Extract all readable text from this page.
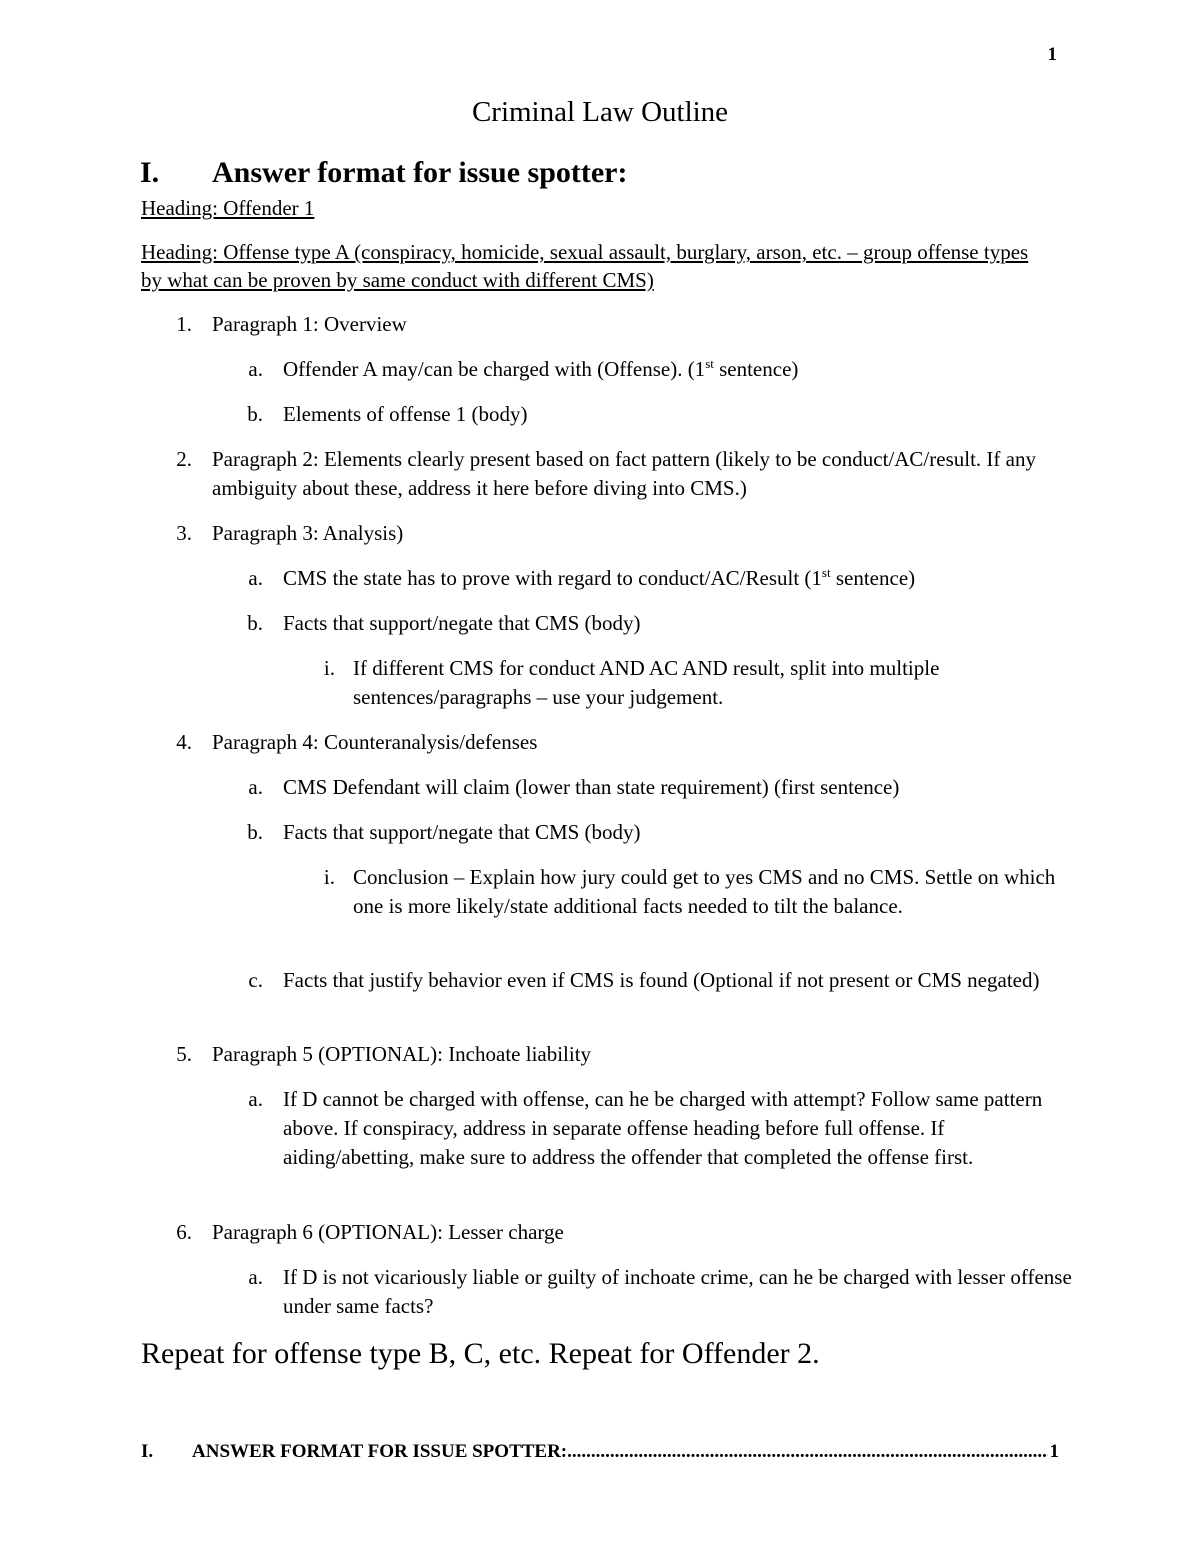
1
Criminal Law Outline
I. Answer format for issue spotter:
Heading: Offender 1
Heading: Offense type A (conspiracy, homicide, sexual assault, burglary, arson, etc. – group offense types by what can be proven by same conduct with different CMS)
1. Paragraph 1: Overview
a. Offender A may/can be charged with (Offense). (1st sentence)
b. Elements of offense 1 (body)
2. Paragraph 2: Elements clearly present based on fact pattern (likely to be conduct/AC/result. If any ambiguity about these, address it here before diving into CMS.)
3. Paragraph 3: Analysis)
a. CMS the state has to prove with regard to conduct/AC/Result (1st sentence)
b. Facts that support/negate that CMS (body)
i. If different CMS for conduct AND AC AND result, split into multiple sentences/paragraphs – use your judgement.
4. Paragraph 4: Counteranalysis/defenses
a. CMS Defendant will claim (lower than state requirement) (first sentence)
b. Facts that support/negate that CMS (body)
i. Conclusion – Explain how jury could get to yes CMS and no CMS. Settle on which one is more likely/state additional facts needed to tilt the balance.
c. Facts that justify behavior even if CMS is found (Optional if not present or CMS negated)
5. Paragraph 5 (OPTIONAL): Inchoate liability
a. If D cannot be charged with offense, can he be charged with attempt? Follow same pattern above. If conspiracy, address in separate offense heading before full offense. If aiding/abetting, make sure to address the offender that completed the offense first.
6. Paragraph 6 (OPTIONAL): Lesser charge
a. If D is not vicariously liable or guilty of inchoate crime, can he be charged with lesser offense under same facts?
Repeat for offense type B, C, etc. Repeat for Offender 2.
I.	ANSWER FORMAT FOR ISSUE SPOTTER:
.....	1
